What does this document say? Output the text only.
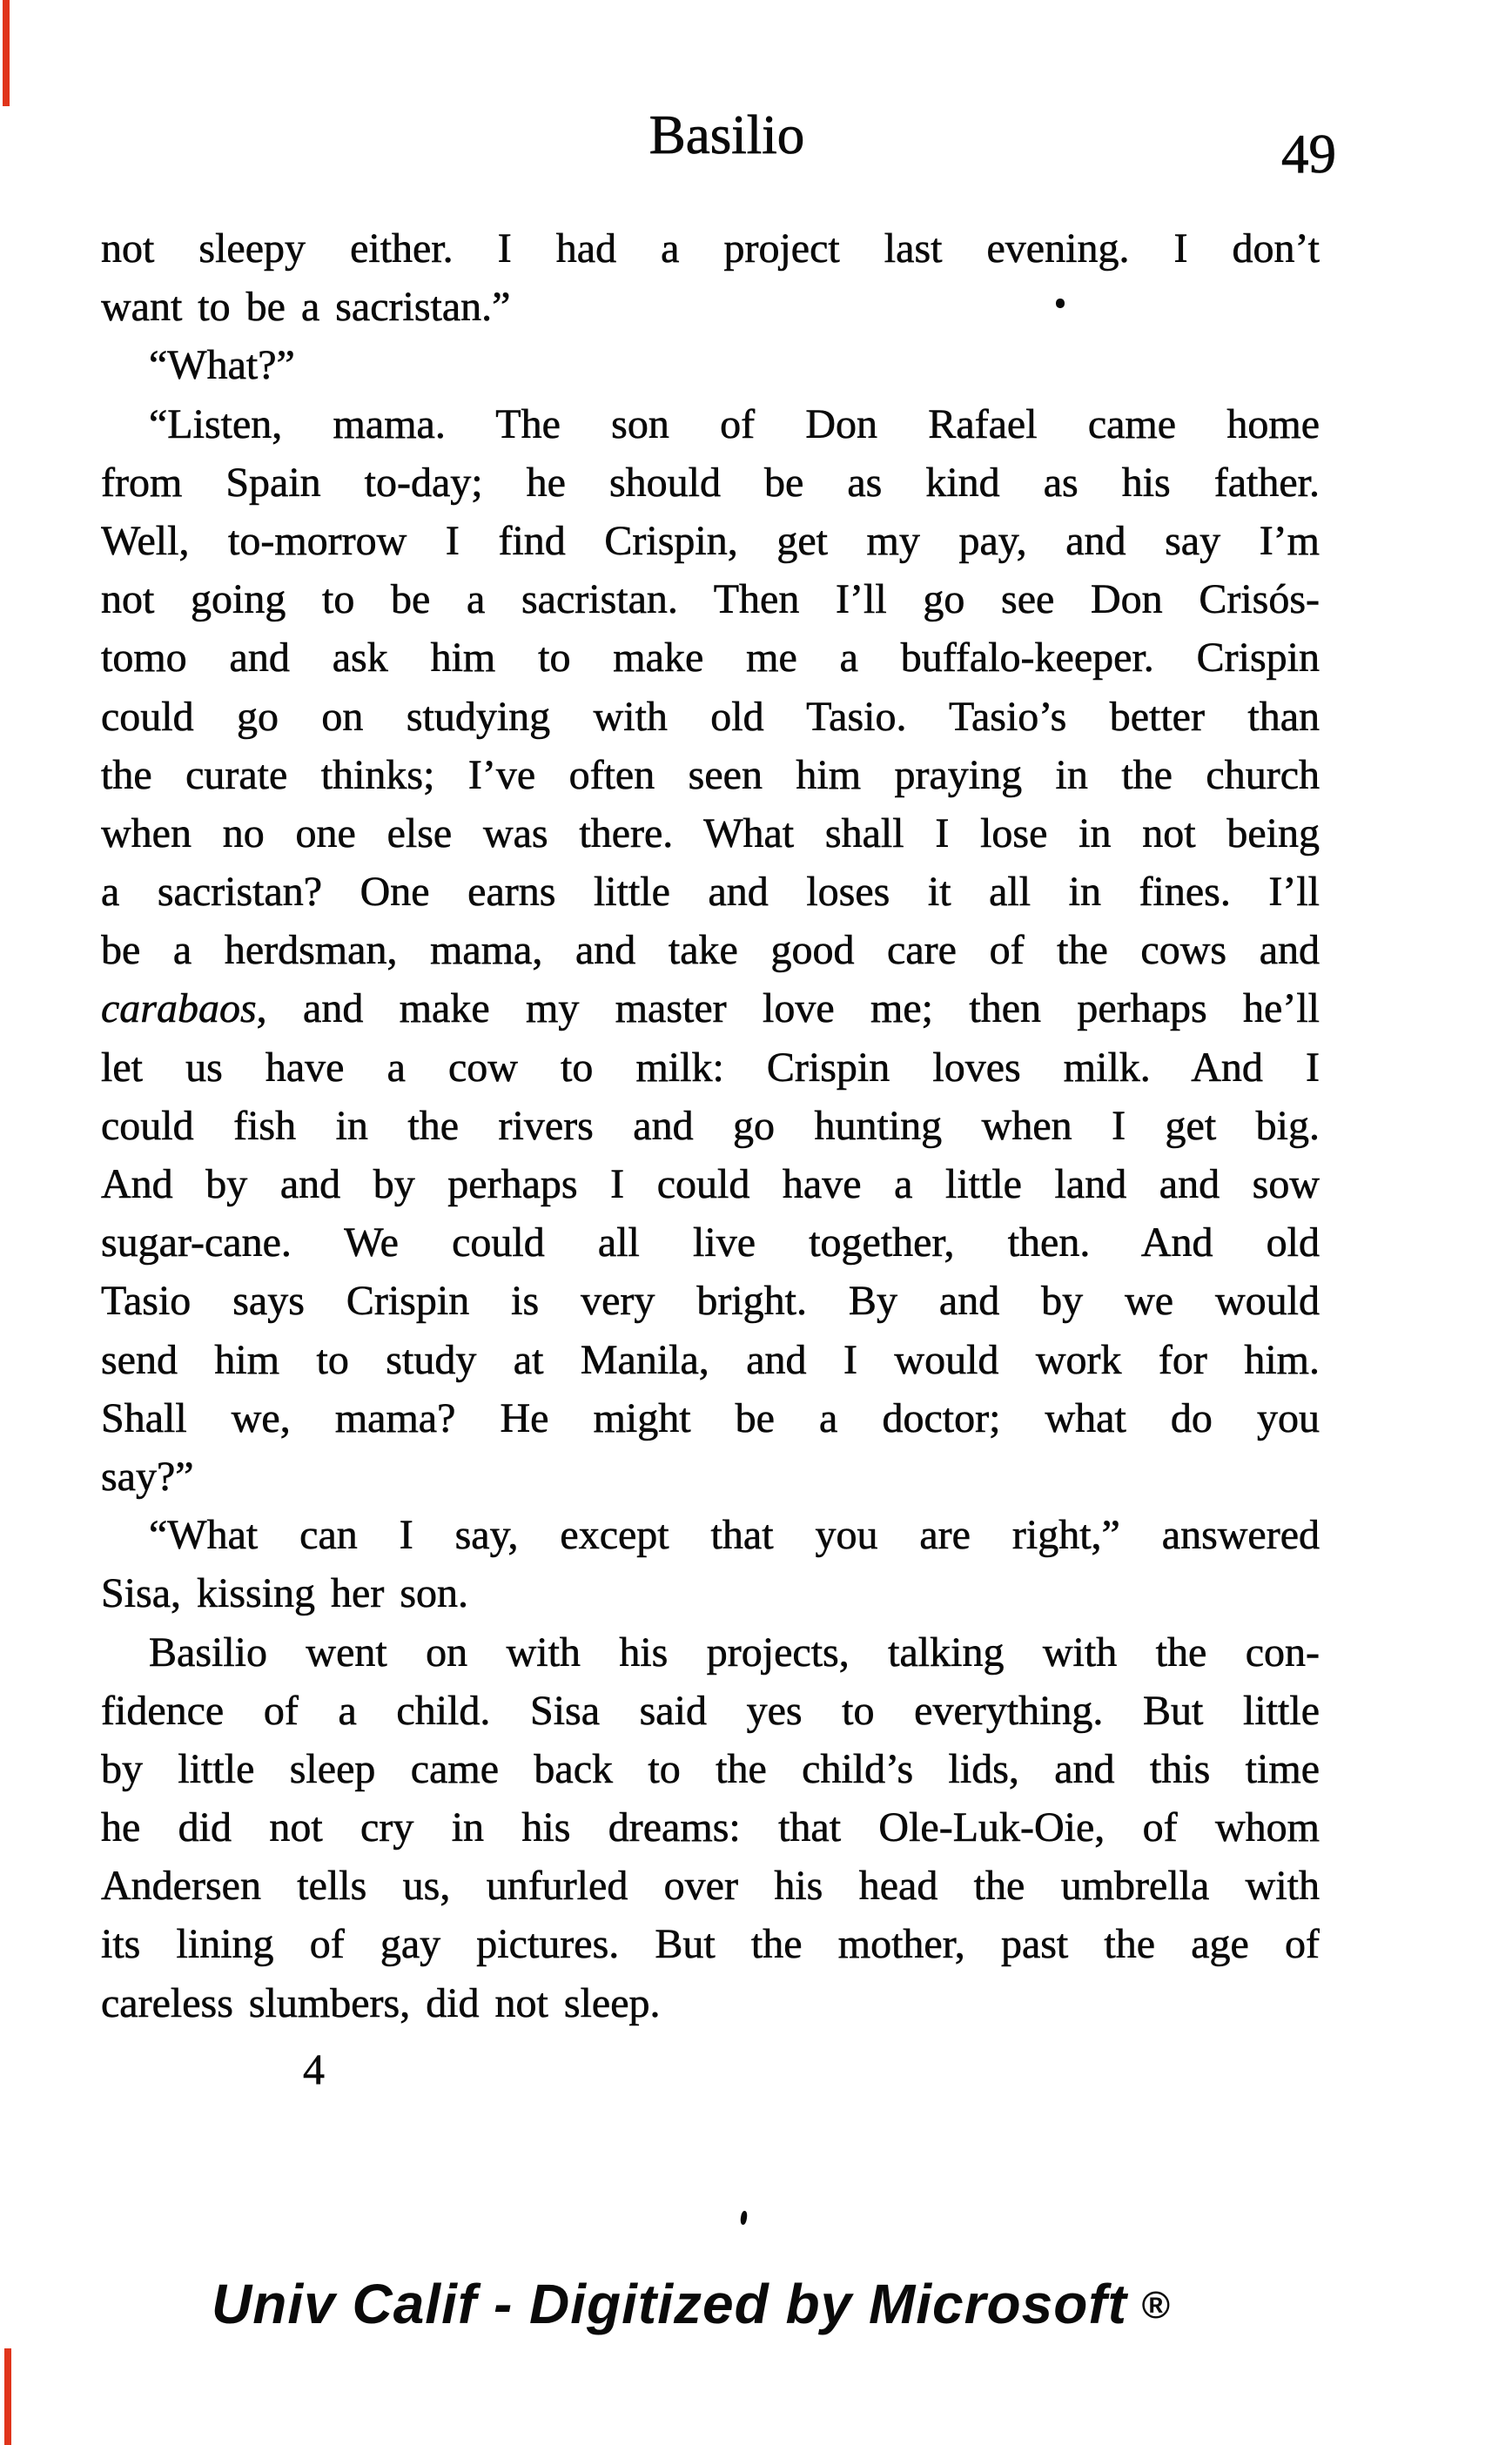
Basilio	49
not sleepy either. I had a project last evening. I don’t
want to be a sacristan.”
“What?”
“Listen, mama. The son of Don Rafael came home
from Spain to-day; he should be as kind as his father.
Well, to-morrow I find Crispin, get my pay, and say I’m
not going to be a sacristan. Then I’ll go see Don Crisós-
tomo and ask him to make me a buffalo-keeper. Crispin
could go on studying with old Tasio. Tasio’s better than
the curate thinks; I’ve often seen him praying in the church
when no one else was there. What shall I lose in not being
a sacristan? One earns little and loses it all in fines. I’ll
be a herdsman, mama, and take good care of the cows and
carabaos, and make my master love me; then perhaps he’ll
let us have a cow to milk: Crispin loves milk. And I
could fish in the rivers and go hunting when I get big.
And by and by perhaps I could have a little land and sow
sugar-cane. We could all live together, then. And old
Tasio says Crispin is very bright. By and by we would
send him to study at Manila, and I would work for him.
Shall we, mama? He might be a doctor; what do you
say?”
“What can I say, except that you are right,” answered
Sisa, kissing her son.
Basilio went on with his projects, talking with the con-
fidence of a child. Sisa said yes to everything. But little
by little sleep came back to the child’s lids, and this time
he did not cry in his dreams: that Ole-Luk-Oie, of whom
Andersen tells us, unfurled over his head the umbrella with
its lining of gay pictures. But the mother, past the age of
careless slumbers, did not sleep.
4
Univ Calif - Digitized by Microsoft ®
